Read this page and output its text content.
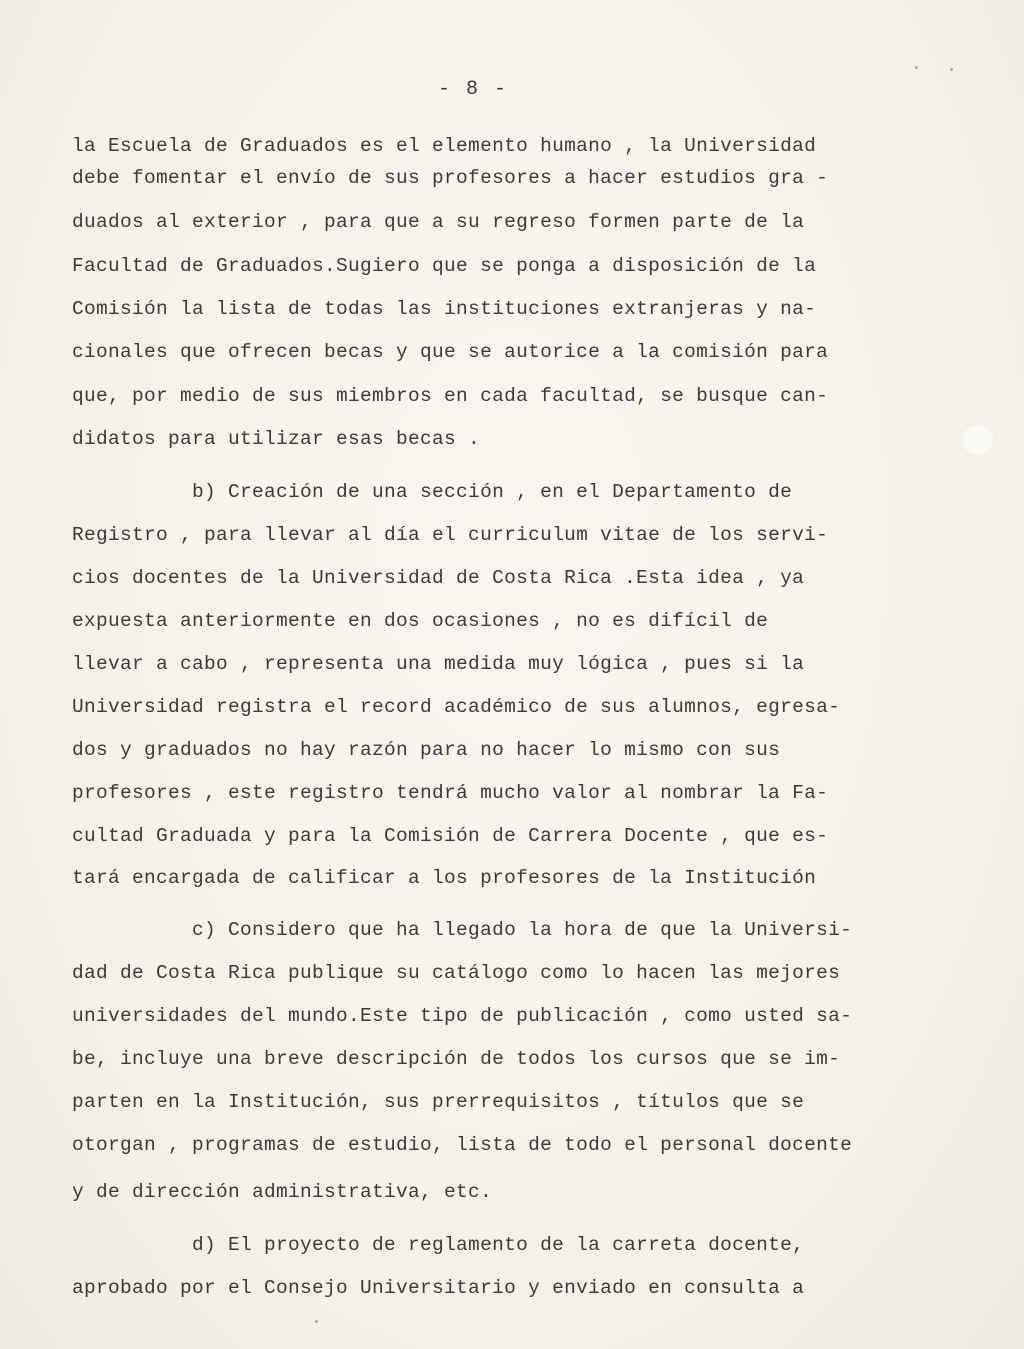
- 8 -
la Escuela de Graduados es el elemento humano , la Universidad
debe fomentar el envío de sus profesores a hacer estudios gra -
duados al exterior , para que a su regreso formen parte de la
Facultad de Graduados.Sugiero que se ponga a disposición de la
Comisión la lista de todas las instituciones extranjeras y na-
cionales que ofrecen becas y que se autorice a la comisión para
que, por medio de sus miembros en cada facultad, se busque can-
didatos para utilizar esas becas .
b) Creación de una sección , en el Departamento de
Registro , para llevar al día el curriculum vitae de los servi-
cios docentes de la Universidad de Costa Rica .Esta idea , ya
expuesta anteriormente en dos ocasiones , no es difícil de
llevar a cabo , representa una medida muy lógica , pues si la
Universidad registra el record académico de sus alumnos, egresa-
dos y graduados no hay razón para no hacer lo mismo con sus
profesores , este registro tendrá mucho valor al nombrar la Fa-
cultad Graduada y para la Comisión de Carrera Docente , que es-
tará encargada de calificar a los profesores de la Institución
c) Considero que ha llegado la hora de que la Universi-
dad de Costa Rica publique su catálogo como lo hacen las mejores
universidades del mundo.Este tipo de publicación , como usted sa-
be, incluye una breve descripción de todos los cursos que se im-
parten en la Institución, sus prerrequisitos , títulos que se
otorgan , programas de estudio, lista de todo el personal docente
y de dirección administrativa, etc.
d) El proyecto de reglamento de la carreta docente,
aprobado por el Consejo Universitario y enviado en consulta a
